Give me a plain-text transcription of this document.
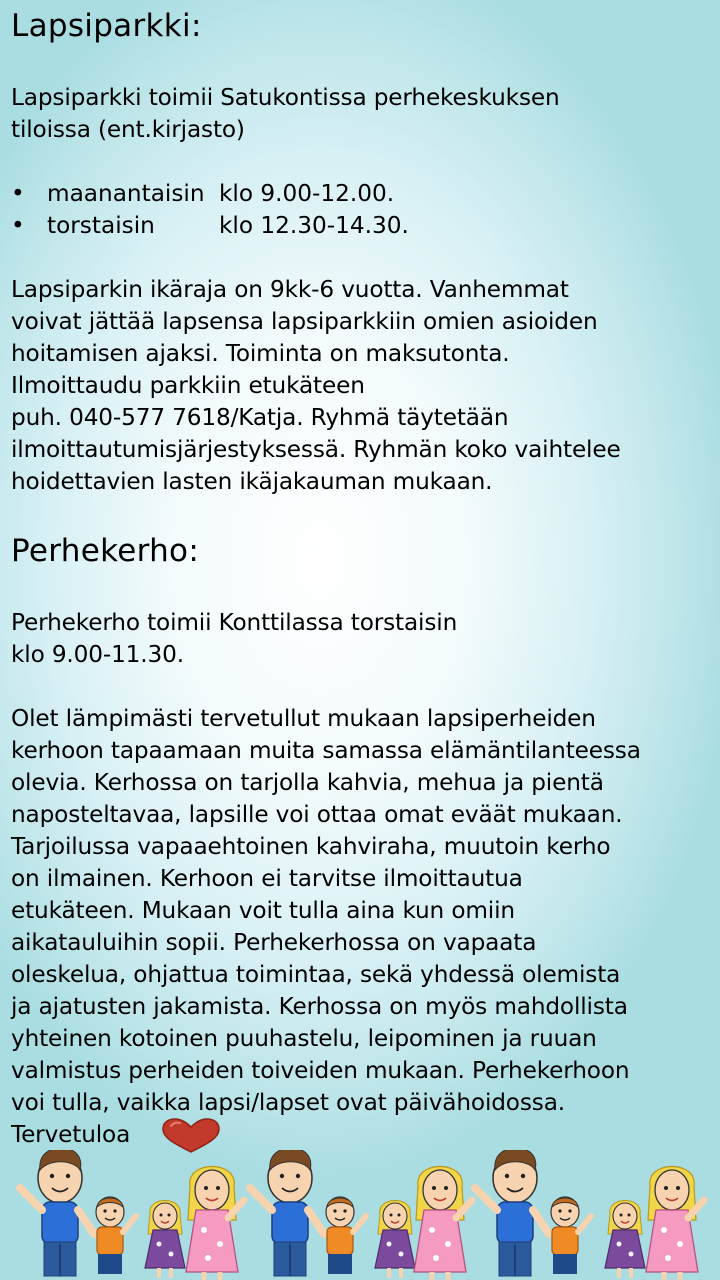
Lapsiparkki:
Lapsiparkki toimii Satukontissa perhekeskuksen
tiloissa (ent.kirjasto)
• maanantaisin klo 9.00-12.00.
• torstaisin	klo 12.30-14.30.
Lapsiparkin ikäraja on 9kk-6 vuotta. Vanhemmat
voivat jättää lapsensa lapsiparkkiin omien asioiden
hoitamisen ajaksi. Toiminta on maksutonta.
Ilmoittaudu parkkiin etukäteen
puh. 040-577 7618/Katja. Ryhmä täytetään
ilmoittautumisjärjestyksessä. Ryhmän koko vaihtelee
hoidettavien lasten ikäjakauman mukaan.
Perhekerho:
Perhekerho toimii Konttilassa torstaisin
klo 9.00-11.30.
Olet lämpimästi tervetullut mukaan lapsiperheiden
kerhoon tapaamaan muita samassa elämäntilanteessa
olevia. Kerhossa on tarjolla kahvia, mehua ja pientä
naposteltavaa, lapsille voi ottaa omat eväät mukaan.
Tarjoilussa vapaaehtoinen kahviraha, muutoin kerho
on ilmainen. Kerhoon ei tarvitse ilmoittautua
etukäteen. Mukaan voit tulla aina kun omiin
aikatauluihin sopii. Perhekerhossa on vapaata
oleskelua, ohjattua toimintaa, sekä yhdessä olemista
ja ajatusten jakamista. Kerhossa on myös mahdollista
yhteinen kotoinen puuhastelu, leipominen ja ruuan
valmistus perheiden toiveiden mukaan. Perhekerhoon
voi tulla, vaikka lapsi/lapset ovat päivähoidossa.
Tervetuloa
